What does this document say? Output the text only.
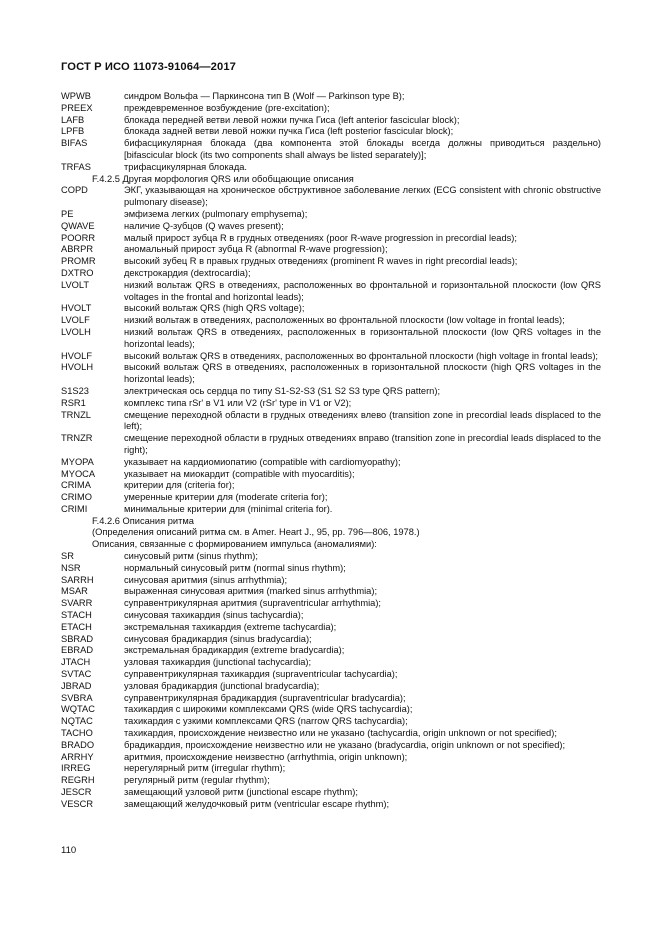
ГОСТ Р ИСО 11073-91064—2017
WPWB	синдром Вольфа — Паркинсона тип В (Wolf — Parkinson type B);
PREEX	преждевременное возбуждение (pre-excitation);
LAFB	блокада передней ветви левой ножки пучка Гиса (left anterior fascicular block);
LPFB	блокада задней ветви левой ножки пучка Гиса (left posterior fascicular block);
BIFAS	бифасцикулярная блокада (два компонента этой блокады всегда должны приводиться раздельно) [bifascicular block (its two components shall always be listed separately)];
TRFAS	трифасцикулярная блокада.
F.4.2.5 Другая морфология QRS или обобщающие описания
COPD	ЭКГ, указывающая на хроническое обструктивное заболевание легких (ECG consistent with chronic obstructive pulmonary disease);
PE	эмфизема легких (pulmonary emphysema);
QWAVE	наличие Q-зубцов (Q waves present);
POORR	малый прирост зубца R в грудных отведениях (poor R-wave progression in precordial leads);
ABRPR	аномальный прирост зубца R (abnormal R-wave progression);
PROMR	высокий зубец R в правых грудных отведениях (prominent R waves in right precordial leads);
DXTRO	декстрокардия (dextrocardia);
LVOLT	низкий вольтаж QRS в отведениях, расположенных во фронтальной и горизонтальной плоскости (low QRS voltages in the frontal and horizontal leads);
HVOLT	высокий вольтаж QRS (high QRS voltage);
LVOLF	низкий вольтаж в отведениях, расположенных во фронтальной плоскости (low voltage in frontal leads);
LVOLH	низкий вольтаж QRS в отведениях, расположенных в горизонтальной плоскости (low QRS voltages in the horizontal leads);
HVOLF	высокий вольтаж QRS в отведениях, расположенных во фронтальной плоскости (high voltage in frontal leads);
HVOLH	высокий вольтаж QRS в отведениях, расположенных в горизонтальной плоскости (high QRS voltages in the horizontal leads);
S1S23	электрическая ось сердца по типу S1-S2-S3 (S1 S2 S3 type QRS pattern);
RSR1	комплекс типа rSr' в V1 или V2 (rSr' type in V1 or V2);
TRNZL	смещение переходной области в грудных отведениях влево (transition zone in precordial leads displaced to the left);
TRNZR	смещение переходной области в грудных отведениях вправо (transition zone in precordial leads displaced to the right);
MYOPA	указывает на кардиомиопатию (compatible with cardiomyopathy);
MYOCA	указывает на миокардит (compatible with myocarditis);
CRIMA	критерии для (criteria for);
CRIMO	умеренные критерии для (moderate criteria for);
CRIMI	минимальные критерии для (minimal criteria for).
F.4.2.6 Описания ритма
(Определения описаний ритма см. в Amer. Heart J., 95, pp. 796—806, 1978.)
Описания, связанные с формированием импульса (аномалиями):
SR	синусовый ритм (sinus rhythm);
NSR	нормальный синусовый ритм (normal sinus rhythm);
SARRH	синусовая аритмия (sinus arrhythmia);
MSAR	выраженная синусовая аритмия (marked sinus arrhythmia);
SVARR	суправентрикулярная аритмия (supraventricular arrhythmia);
STACH	синусовая тахикардия (sinus tachycardia);
ETACH	экстремальная тахикардия (extreme tachycardia);
SBRAD	синусовая брадикардия (sinus bradycardia);
EBRAD	экстремальная брадикардия (extreme bradycardia);
JTACH	узловая тахикардия (junctional tachycardia);
SVTAC	суправентрикулярная тахикардия (supraventricular tachycardia);
JBRAD	узловая брадикардия (junctional bradycardia);
SVBRA	суправентрикулярная брадикардия (supraventricular bradycardia);
WQTAC	тахикардия с широкими комплексами QRS (wide QRS tachycardia);
NQTAC	тахикардия с узкими комплексами QRS (narrow QRS tachycardia);
TACHO	тахикардия, происхождение неизвестно или не указано (tachycardia, origin unknown or not specified);
BRADO	брадикардия, происхождение неизвестно или не указано (bradycardia, origin unknown or not specified);
ARRHY	аритмия, происхождение неизвестно (arrhythmia, origin unknown);
IRREG	нерегулярный ритм (irregular rhythm);
REGRH	регулярный ритм (regular rhythm);
JESCR	замещающий узловой ритм (junctional escape rhythm);
VESCR	замещающий желудочковый ритм (ventricular escape rhythm);
110
